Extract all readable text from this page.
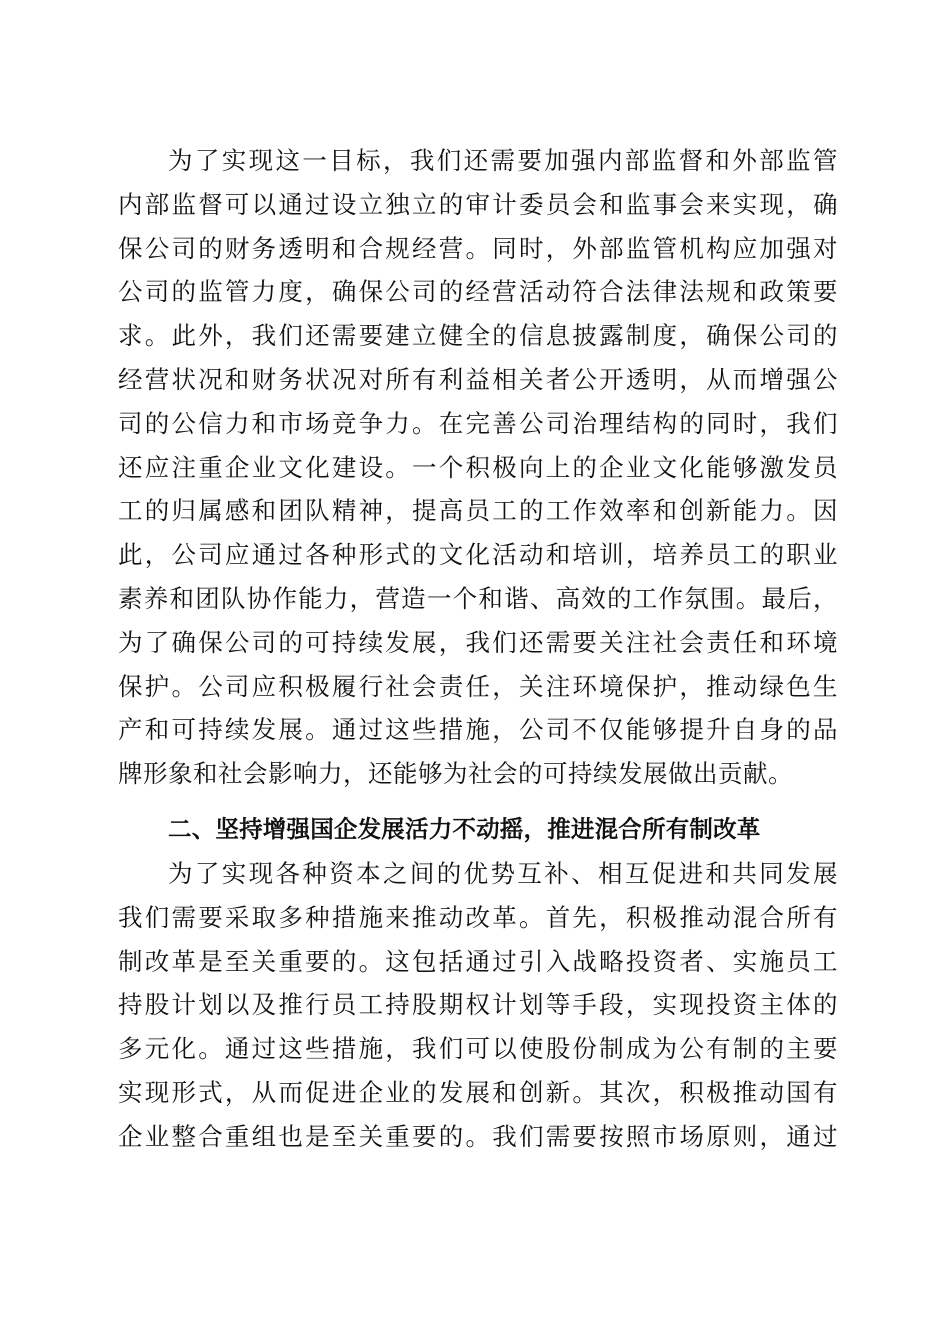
为了实现这一目标，我们还需要加强内部监督和外部监管
内部监督可以通过设立独立的审计委员会和监事会来实现，确
保公司的财务透明和合规经营。同时，外部监管机构应加强对
公司的监管力度，确保公司的经营活动符合法律法规和政策要
求。此外，我们还需要建立健全的信息披露制度，确保公司的
经营状况和财务状况对所有利益相关者公开透明，从而增强公
司的公信力和市场竞争力。在完善公司治理结构的同时，我们
还应注重企业文化建设。一个积极向上的企业文化能够激发员
工的归属感和团队精神，提高员工的工作效率和创新能力。因
此，公司应通过各种形式的文化活动和培训，培养员工的职业
素养和团队协作能力，营造一个和谐、高效的工作氛围。最后，
为了确保公司的可持续发展，我们还需要关注社会责任和环境
保护。公司应积极履行社会责任，关注环境保护，推动绿色生
产和可持续发展。通过这些措施，公司不仅能够提升自身的品
牌形象和社会影响力，还能够为社会的可持续发展做出贡献。
二、坚持增强国企发展活力不动摇，推进混合所有制改革
为了实现各种资本之间的优势互补、相互促进和共同发展
我们需要采取多种措施来推动改革。首先，积极推动混合所有
制改革是至关重要的。这包括通过引入战略投资者、实施员工
持股计划以及推行员工持股期权计划等手段，实现投资主体的
多元化。通过这些措施，我们可以使股份制成为公有制的主要
实现形式，从而促进企业的发展和创新。其次，积极推动国有
企业整合重组也是至关重要的。我们需要按照市场原则，通过
